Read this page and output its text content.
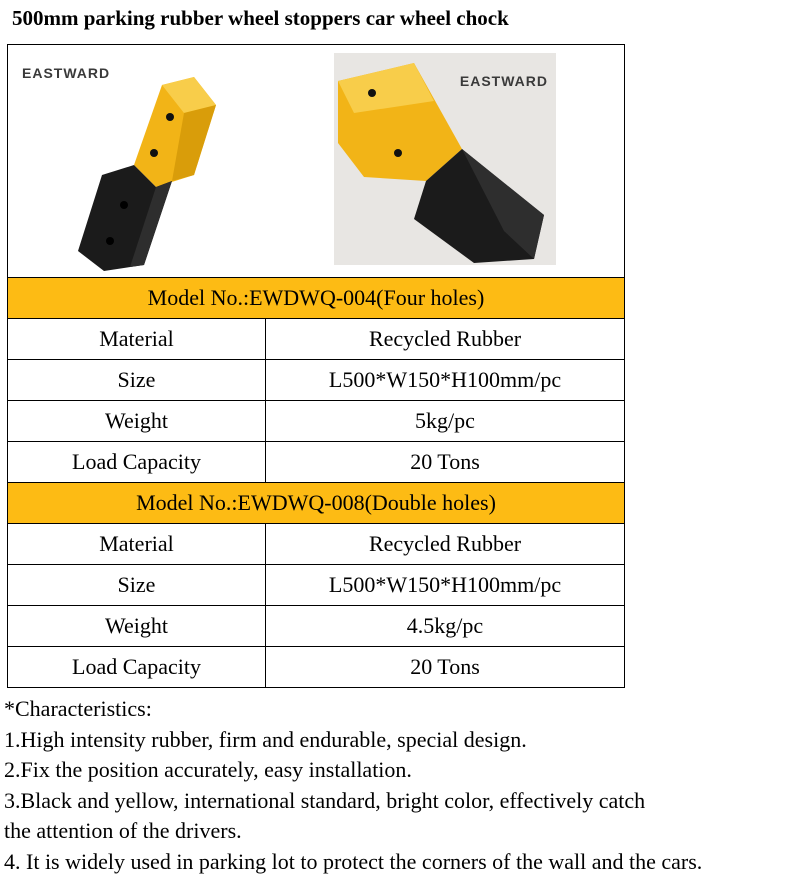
500mm parking rubber wheel stoppers car wheel chock
EASTWARD	EASTWARD
Model No.:EWDWQ-004(Four holes)
Material	Recycled Rubber
Size	L500*W150*H100mm/pc
Weight	5kg/pc
Load Capacity	20 Tons
Model No.:EWDWQ-008(Double holes)
Material	Recycled Rubber
Size	L500*W150*H100mm/pc
Weight	4.5kg/pc
Load Capacity	20 Tons

*Characteristics:

1.High intensity rubber, firm and endurable, special design.

2.Fix the position accurately, easy installation.

3.Black and yellow, international standard, bright color, effectively catch

the attention of the drivers.

4. It is widely used in parking lot to protect the corners of the wall and the cars.
